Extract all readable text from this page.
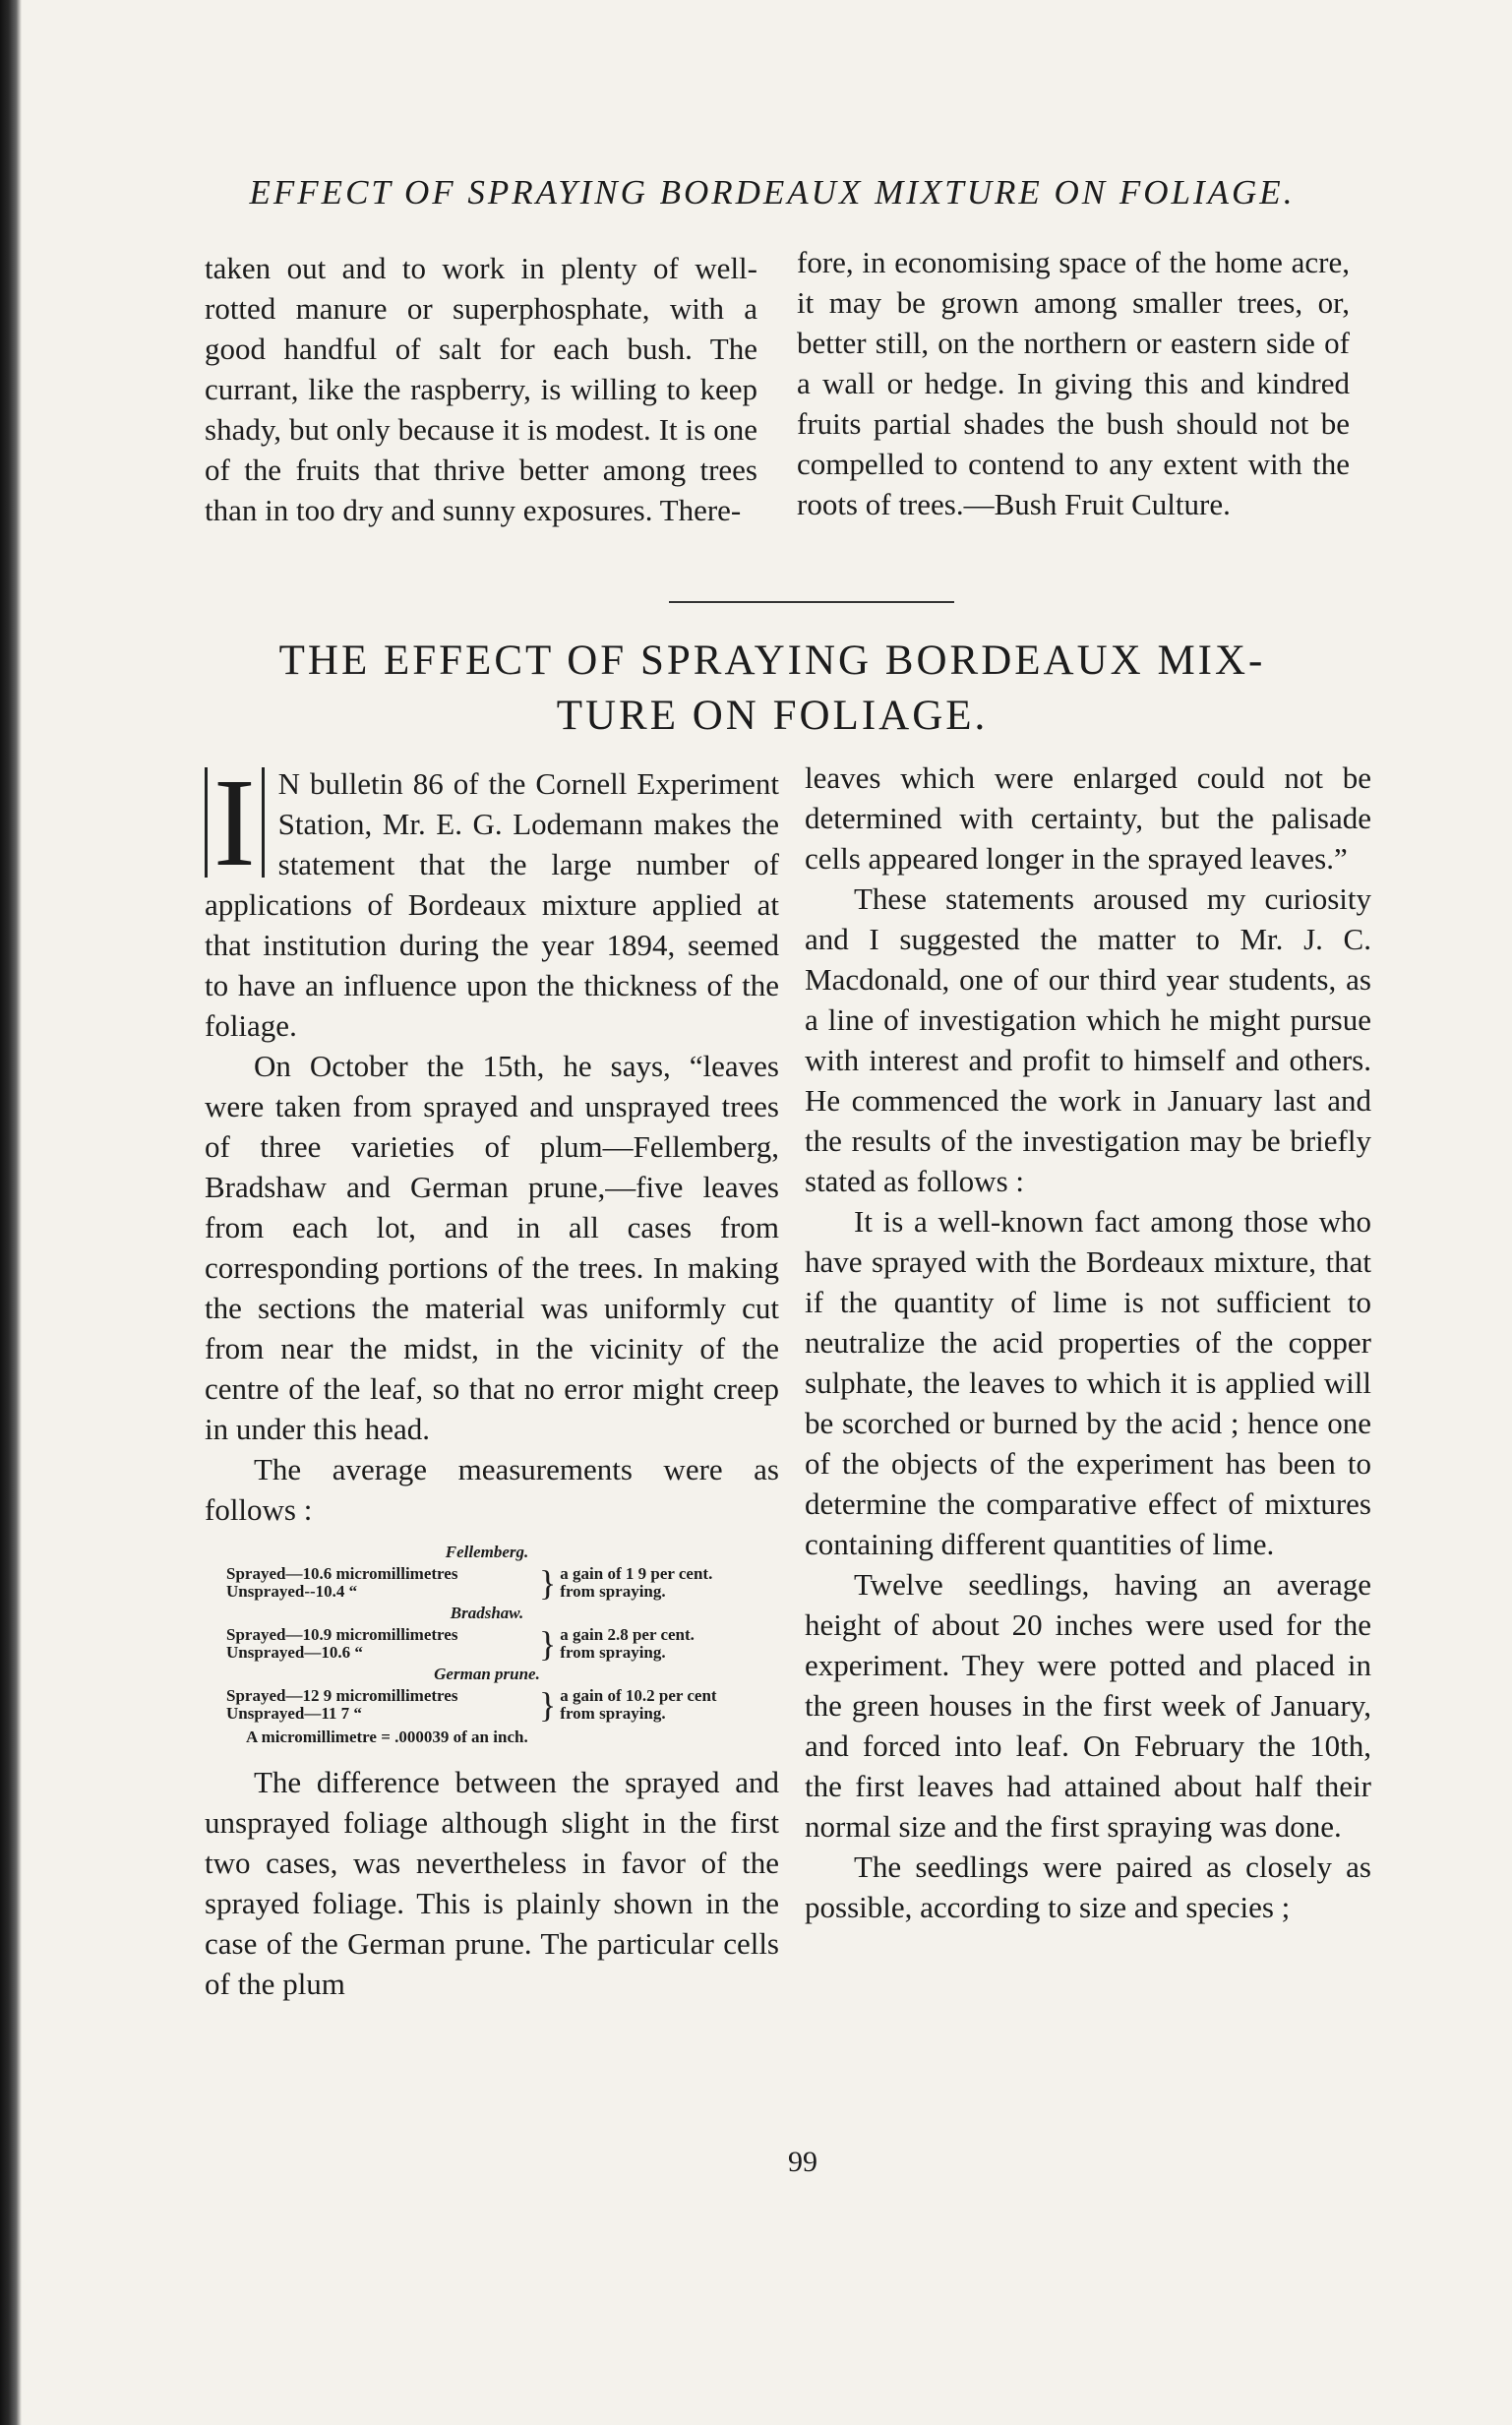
EFFECT OF SPRAYING BORDEAUX MIXTURE ON FOLIAGE.

taken out and to work in plenty of well-rotted manure or superphosphate, with a good handful of salt for each bush. The currant, like the raspberry, is willing to keep shady, but only because it is modest. It is one of the fruits that thrive better among trees than in too dry and sunny exposures. There-

fore, in economising space of the home acre, it may be grown among smaller trees, or, better still, on the northern or eastern side of a wall or hedge. In giving this and kindred fruits partial shades the bush should not be compelled to contend to any extent with the roots of trees.—Bush Fruit Culture.

THE EFFECT OF SPRAYING BORDEAUX MIX-
TURE ON FOLIAGE.

I N bulletin 86 of the Cornell Experiment Station, Mr. E. G. Lodemann makes the statement that the large number of applications of Bordeaux mixture applied at that institution during the year 1894, seemed to have an influence upon the thickness of the foliage.

On October the 15th, he says, “leaves were taken from sprayed and unsprayed trees of three varieties of plum—Fellemberg, Bradshaw and German prune,—five leaves from each lot, and in all cases from corresponding portions of the trees. In making the sections the material was uniformly cut from near the midst, in the vicinity of the centre of the leaf, so that no error might creep in under this head.

The average measurements were as follows :

Fellemberg.
Sprayed—10.6 micromillimetres
Unsprayed--10.4 “	} a gain of 1 9 per cent.
from spraying.
Bradshaw.
Sprayed—10.9 micromillimetres
Unsprayed—10.6 “	} a gain 2.8 per cent.
from spraying.
German prune.
Sprayed—12 9 micromillimetres
Unsprayed—11 7 “	} a gain of 10.2 per cent
from spraying.
A micromillimetre = .000039 of an inch.

The difference between the sprayed and unsprayed foliage although slight in the first two cases, was nevertheless in favor of the sprayed foliage. This is plainly shown in the case of the German prune. The particular cells of the plum

leaves which were enlarged could not be determined with certainty, but the palisade cells appeared longer in the sprayed leaves.”

These statements aroused my curiosity and I suggested the matter to Mr. J. C. Macdonald, one of our third year students, as a line of investigation which he might pursue with interest and profit to himself and others. He commenced the work in January last and the results of the investigation may be briefly stated as follows :

It is a well-known fact among those who have sprayed with the Bordeaux mixture, that if the quantity of lime is not sufficient to neutralize the acid properties of the copper sulphate, the leaves to which it is applied will be scorched or burned by the acid ; hence one of the objects of the experiment has been to determine the comparative effect of mixtures containing different quantities of lime.

Twelve seedlings, having an average height of about 20 inches were used for the experiment. They were potted and placed in the green houses in the first week of January, and forced into leaf. On February the 10th, the first leaves had attained about half their normal size and the first spraying was done.

The seedlings were paired as closely as possible, according to size and species ;

99
